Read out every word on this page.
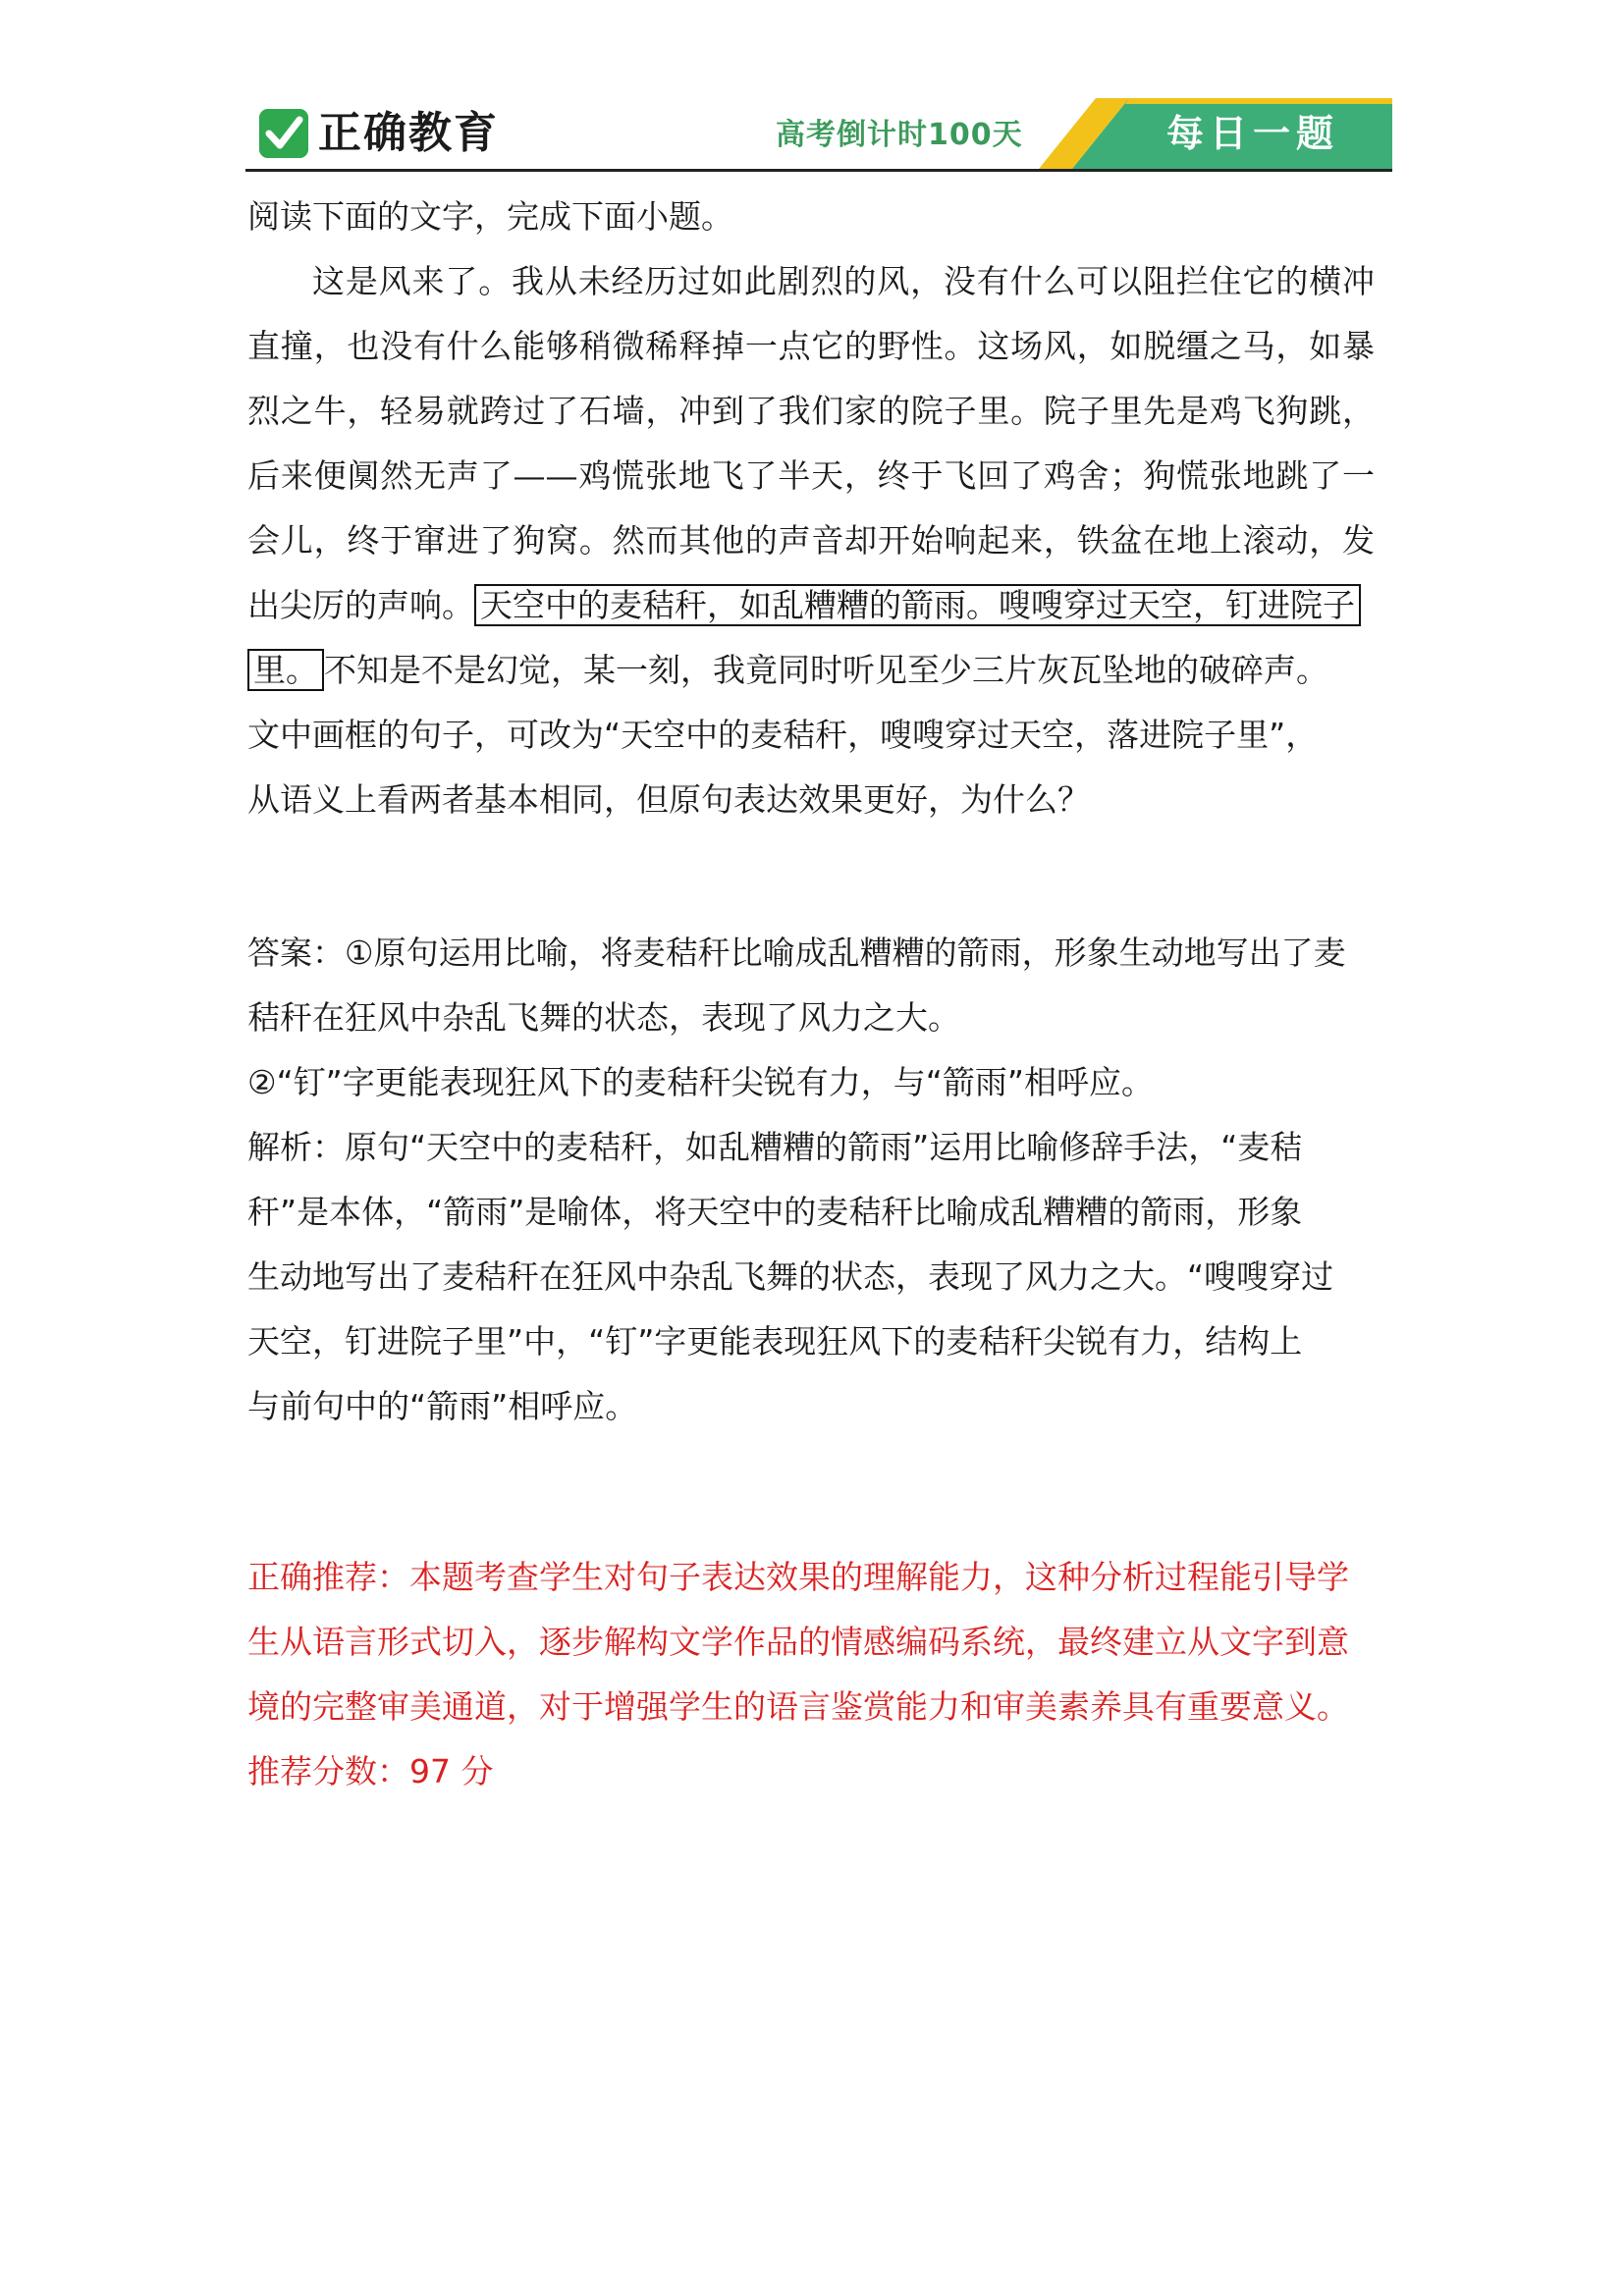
正确教育	高考倒计时100天	每日一题
阅读下面的文字，完成下面小题。
这是风来了。我从未经历过如此剧烈的风，没有什么可以阻拦住它的横冲
直撞，也没有什么能够稍微稀释掉一点它的野性。这场风，如脱缰之马，如暴
烈之牛，轻易就跨过了石墙，冲到了我们家的院子里。院子里先是鸡飞狗跳，
后来便阒然无声了——鸡慌张地飞了半天，终于飞回了鸡舍；狗慌张地跳了一
会儿，终于窜进了狗窝。然而其他的声音却开始响起来，铁盆在地上滚动，发
出尖厉的声响。 天空中的麦秸秆，如乱糟糟的箭雨。嗖嗖穿过天空，钉进院子
里。 不知是不是幻觉，某一刻，我竟同时听见至少三片灰瓦坠地的破碎声。
文中画框的句子，可改为“天空中的麦秸秆，嗖嗖穿过天空，落进院子里”，
从语义上看两者基本相同，但原句表达效果更好，为什么？
答案：①原句运用比喻，将麦秸秆比喻成乱糟糟的箭雨，形象生动地写出了麦
秸秆在狂风中杂乱飞舞的状态，表现了风力之大。
②“钉”字更能表现狂风下的麦秸秆尖锐有力，与“箭雨”相呼应。
解析：原句“天空中的麦秸秆，如乱糟糟的箭雨”运用比喻修辞手法，“麦秸
秆”是本体，“箭雨”是喻体，将天空中的麦秸秆比喻成乱糟糟的箭雨，形象
生动地写出了麦秸秆在狂风中杂乱飞舞的状态，表现了风力之大。“嗖嗖穿过
天空，钉进院子里”中，“钉”字更能表现狂风下的麦秸秆尖锐有力，结构上
与前句中的“箭雨”相呼应。
正确推荐：本题考查学生对句子表达效果的理解能力，这种分析过程能引导学
生从语言形式切入，逐步解构文学作品的情感编码系统，最终建立从文字到意
境的完整审美通道，对于增强学生的语言鉴赏能力和审美素养具有重要意义。
推荐分数：97 分
